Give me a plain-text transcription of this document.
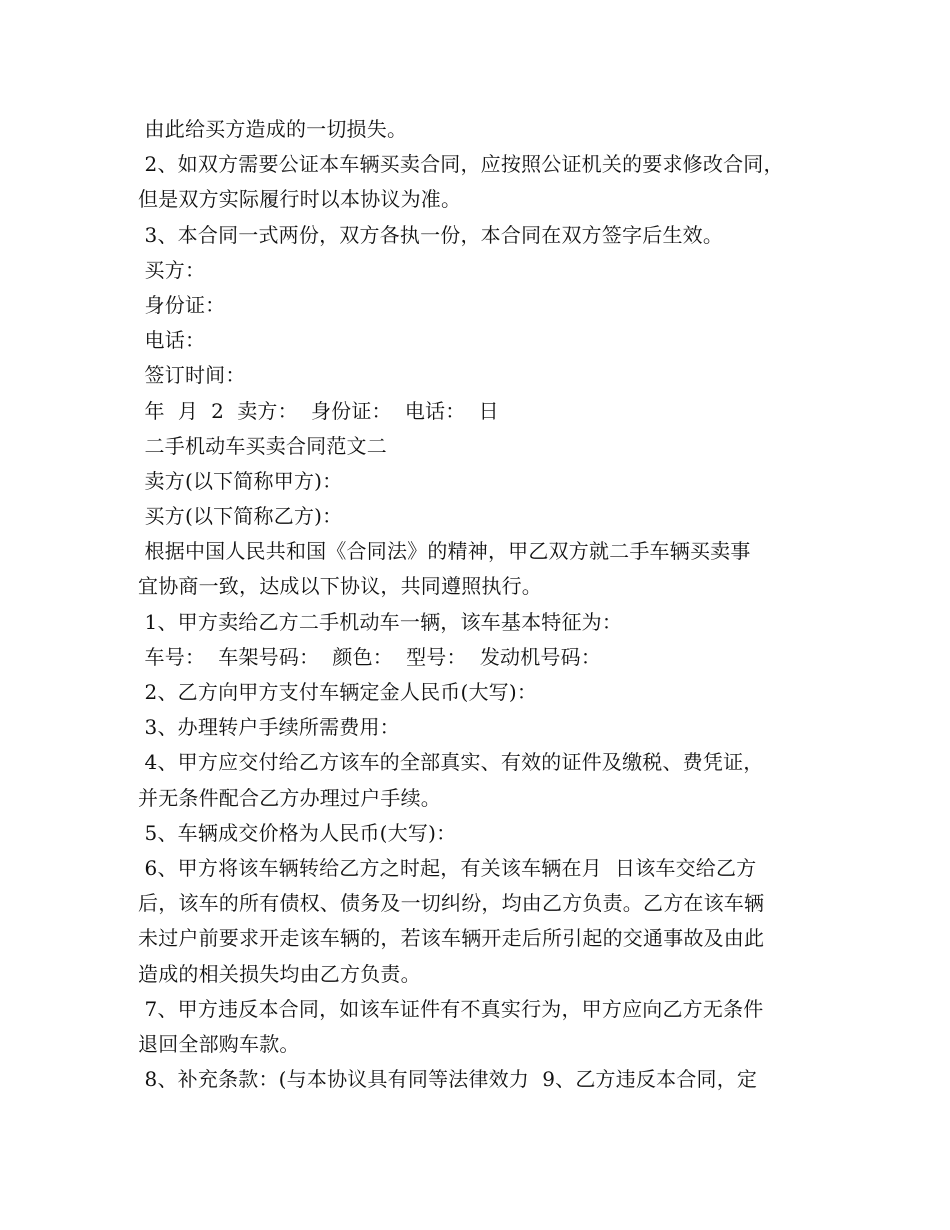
由此给买方造成的一切损失。
2、如双方需要公证本车辆买卖合同，应按照公证机关的要求修改合同，
但是双方实际履行时以本协议为准。
3、本合同一式两份，双方各执一份，本合同在双方签字后生效。
买方：
身份证：
电话：
签订时间：
年  月  2  卖方：  身份证：  电话：  日
二手机动车买卖合同范文二
卖方(以下简称甲方)：
买方(以下简称乙方)：
根据中国人民共和国《合同法》的精神，甲乙双方就二手车辆买卖事
宜协商一致，达成以下协议，共同遵照执行。
1、甲方卖给乙方二手机动车一辆，该车基本特征为：
车号：  车架号码：  颜色：  型号：  发动机号码：
2、乙方向甲方支付车辆定金人民币(大写)：
3、办理转户手续所需费用：
4、甲方应交付给乙方该车的全部真实、有效的证件及缴税、费凭证，
并无条件配合乙方办理过户手续。
5、车辆成交价格为人民币(大写)：
6、甲方将该车辆转给乙方之时起，有关该车辆在月  日该车交给乙方
后，该车的所有债权、债务及一切纠纷，均由乙方负责。乙方在该车辆
未过户前要求开走该车辆的，若该车辆开走后所引起的交通事故及由此
造成的相关损失均由乙方负责。
7、甲方违反本合同，如该车证件有不真实行为，甲方应向乙方无条件
退回全部购车款。
8、补充条款：(与本协议具有同等法律效力  9、乙方违反本合同，定
